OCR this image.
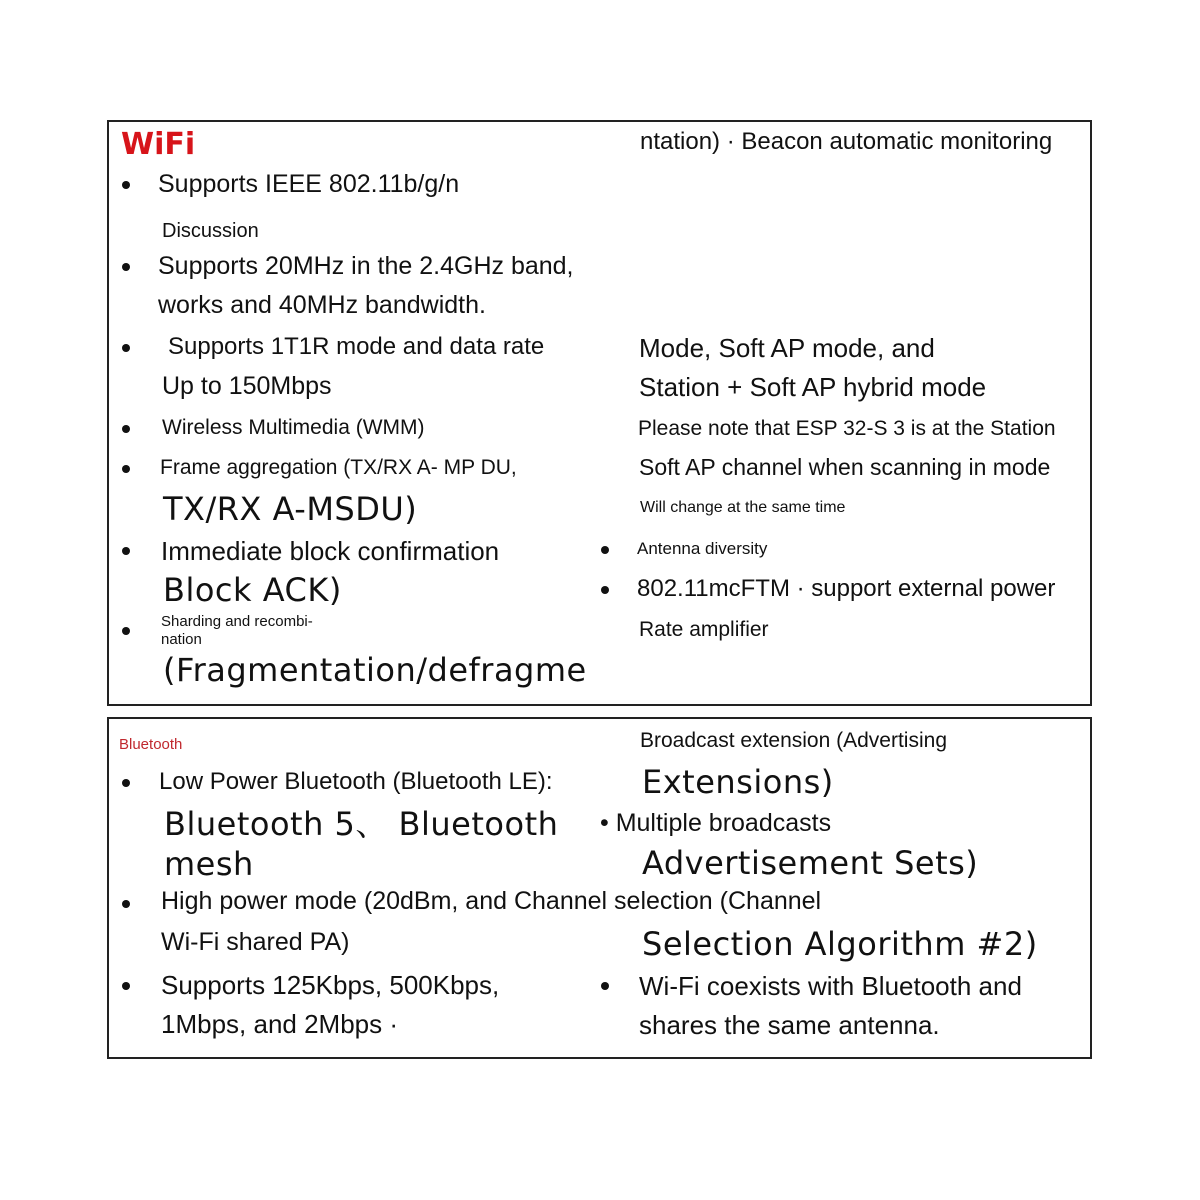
WiFi
Supports IEEE 802.11b/g/n
Discussion
Supports 20MHz in the 2.4GHz band,
works and 40MHz bandwidth.
Supports 1T1R mode and data rate
Up to 150Mbps
Wireless Multimedia (WMM)
Frame aggregation (TX/RX A- MP DU,
TX/RX A-MSDU)
Immediate block confirmation
Block ACK)
Sharding and recombi-
nation
(Fragmentation/defragme
ntation) · Beacon automatic monitoring
Mode, Soft AP mode, and
Station + Soft AP hybrid mode
Please note that ESP 32-S 3 is at the Station
Soft AP channel when scanning in mode
Will change at the same time
Antenna diversity
802.11mcFTM · support external power
Rate amplifier
Bluetooth
Low Power Bluetooth (Bluetooth LE):
Bluetooth 5、 Bluetooth
mesh
High power mode (20dBm, and Channel selection (Channel
Wi-Fi shared PA)
Supports 125Kbps, 500Kbps,
1Mbps, and 2Mbps ·
Broadcast extension (Advertising
Extensions)
• Multiple broadcasts
Advertisement Sets)
Selection Algorithm #2)
Wi-Fi coexists with Bluetooth and
shares the same antenna.
